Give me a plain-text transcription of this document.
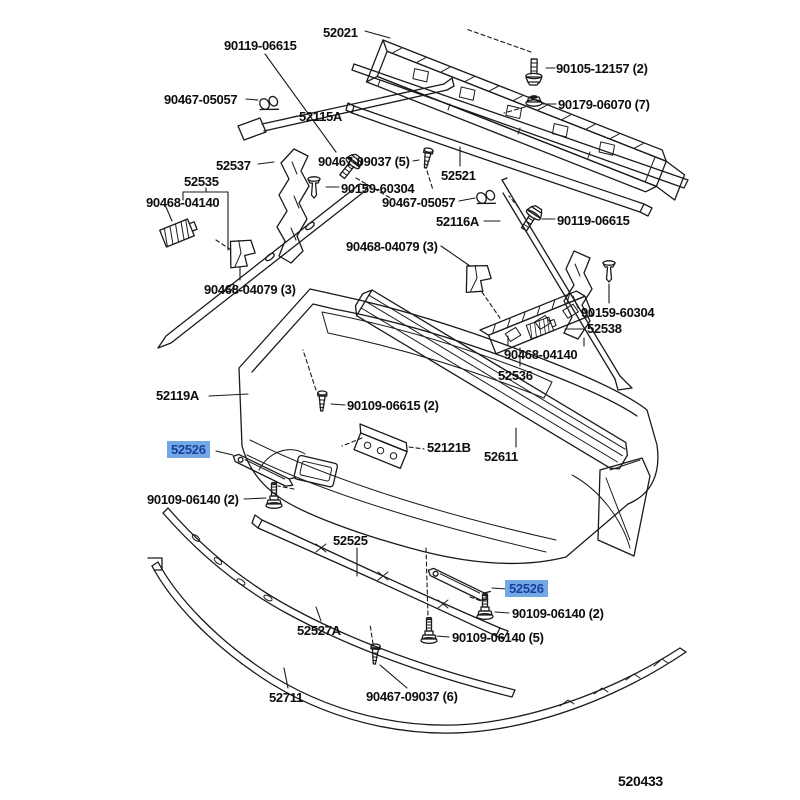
90119-06615
52021
90105-12157 (2)
90179-06070 (7)
90467-05057
52115A
52537	90467-09037 (5)
52535	90159-60304
52521
90468-04140	90467-05057
52116A	90119-06615
90468-04079 (3)
90468-04079 (3)
90159-60304
52538
90468-04140
52536
52119A
90109-06615 (2)
52526	52121B
52611
90109-06140 (2)
52525
52526
90109-06140 (2)
90109-06140 (5)
52527A
52711	90467-09037 (6)
520433
